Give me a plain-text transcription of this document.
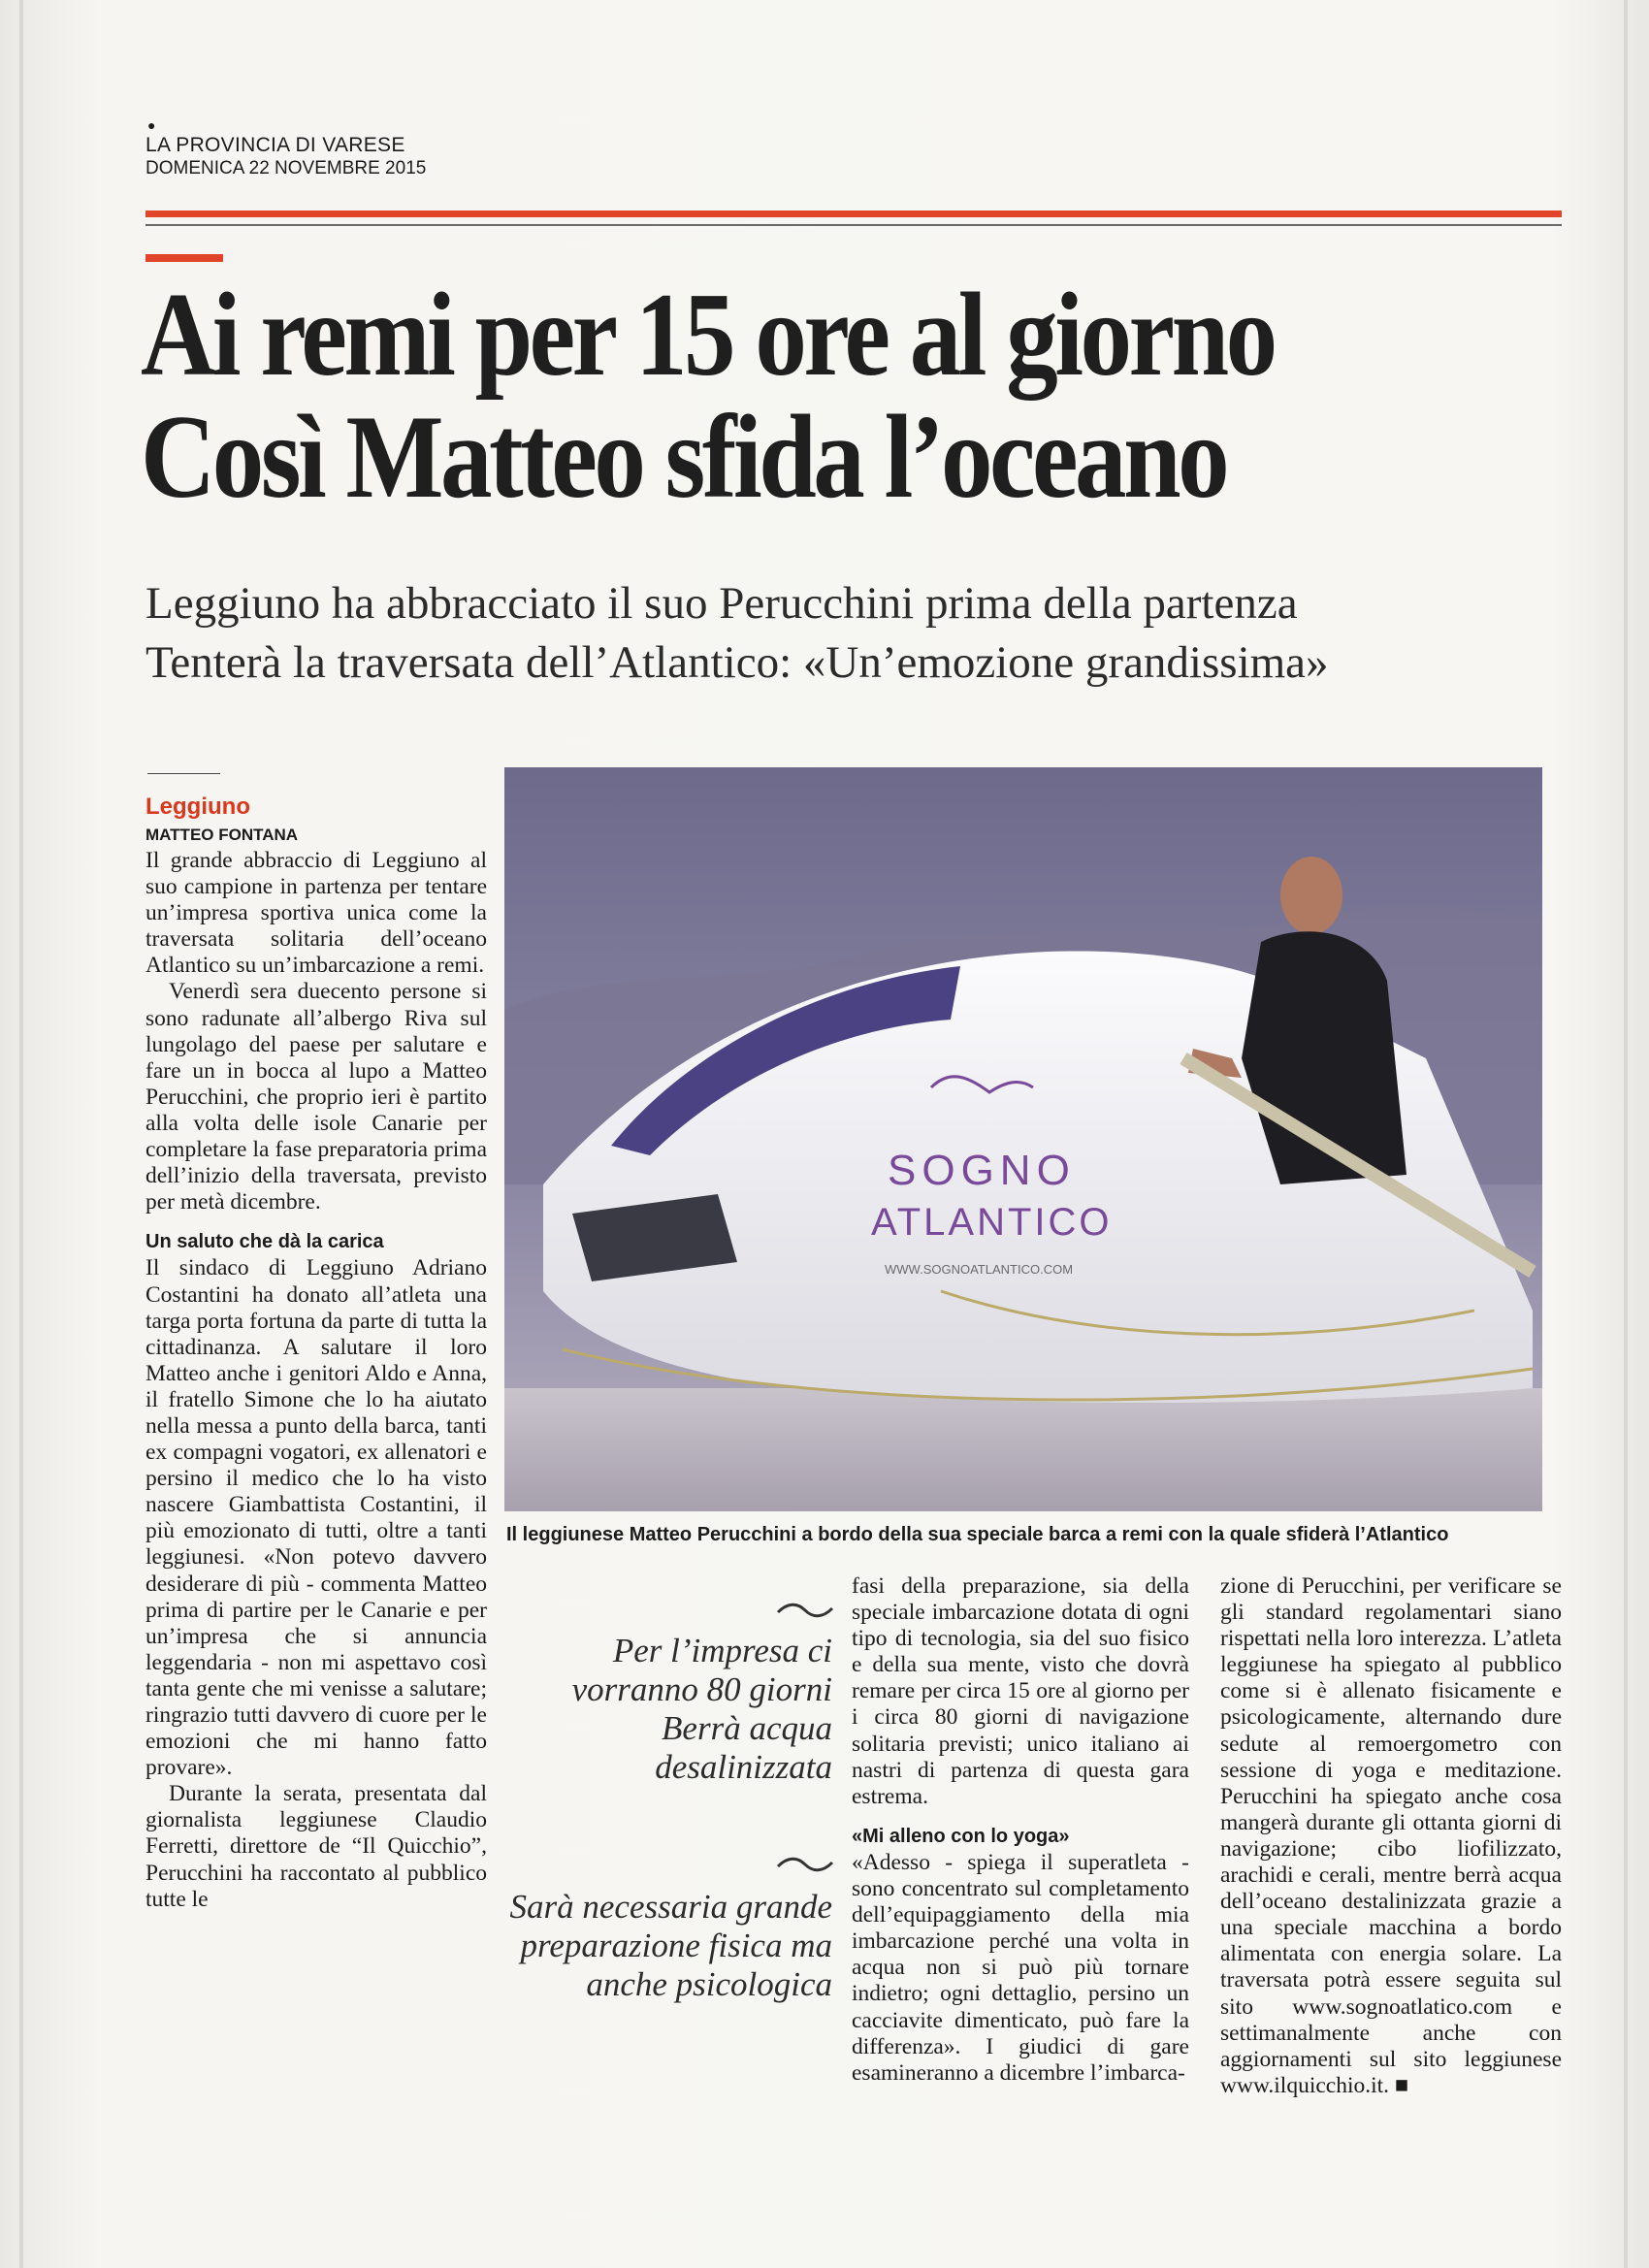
●
LA PROVINCIA DI VARESE
DOMENICA 22 NOVEMBRE 2015
Ai remi per 15 ore al giorno
Così Matteo sfida l’oceano
Leggiuno ha abbracciato il suo Perucchini prima della partenza
Tenterà la traversata dell’Atlantico: «Un’emozione grandissima»
Leggiuno
MATTEO FONTANA

Il grande abbraccio di Leggiuno al suo campione in partenza per tentare un’impresa sportiva unica come la traversata solitaria dell’oceano Atlantico su un’imbarcazione a remi.

Venerdì sera duecento persone si sono radunate all’albergo Riva sul lungolago del paese per salutare e fare un in bocca al lupo a Matteo Perucchini, che proprio ieri è partito alla volta delle isole Canarie per completare la fase preparatoria prima dell’inizio della traversata, previsto per metà dicembre.

Un saluto che dà la carica

Il sindaco di Leggiuno Adriano Costantini ha donato all’atleta una targa porta fortuna da parte di tutta la cittadinanza. A salutare il loro Matteo anche i genitori Aldo e Anna, il fratello Simone che lo ha aiutato nella messa a punto della barca, tanti ex compagni vogatori, ex allenatori e persino il medico che lo ha visto nascere Giambattista Costantini, il più emozionato di tutti, oltre a tanti leggiunesi. «Non potevo davvero desiderare di più - commenta Matteo prima di partire per le Canarie e per un’impresa che si annuncia leggendaria - non mi aspettavo così tanta gente che mi venisse a salutare; ringrazio tutti davvero di cuore per le emozioni che mi hanno fatto provare».

Durante la serata, presentata dal giornalista leggiunese Claudio Ferretti, direttore de “Il Quicchio”, Perucchini ha raccontato al pubblico tutte le

SOGNO
ATLANTICO
WWW.SOGNOATLANTICO.COM
Il leggiunese Matteo Perucchini a bordo della sua speciale barca a remi con la quale sfiderà l’Atlantico
Per l’impresa ci vorranno 80 giorni Berrà acqua desalinizzata
Sarà necessaria grande preparazione fisica ma anche psicologica

fasi della preparazione, sia della speciale imbarcazione dotata di ogni tipo di tecnologia, sia del suo fisico e della sua mente, visto che dovrà remare per circa 15 ore al giorno per i circa 80 giorni di navigazione solitaria previsti; unico italiano ai nastri di partenza di questa gara estrema.

«Mi alleno con lo yoga»

«Adesso - spiega il superatleta - sono concentrato sul completamento dell’equipaggiamento della mia imbarcazione perché una volta in acqua non si può più tornare indietro; ogni dettaglio, persino un cacciavite dimenticato, può fare la differenza». I giudici di gare esamineranno a dicembre l’imbarca-

zione di Perucchini, per verificare se gli standard regolamentari siano rispettati nella loro interezza. L’atleta leggiunese ha spiegato al pubblico come si è allenato fisicamente e psicologicamente, alternando dure sedute al remoergometro con sessione di yoga e meditazione. Perucchini ha spiegato anche cosa mangerà durante gli ottanta giorni di navigazione; cibo liofilizzato, arachidi e cerali, mentre berrà acqua dell’oceano destalinizzata grazie a una speciale macchina a bordo alimentata con energia solare. La traversata potrà essere seguita sul sito www.sognoatlatico.com e settimanalmente anche con aggiornamenti sul sito leggiunese www.ilquicchio.it. ■
